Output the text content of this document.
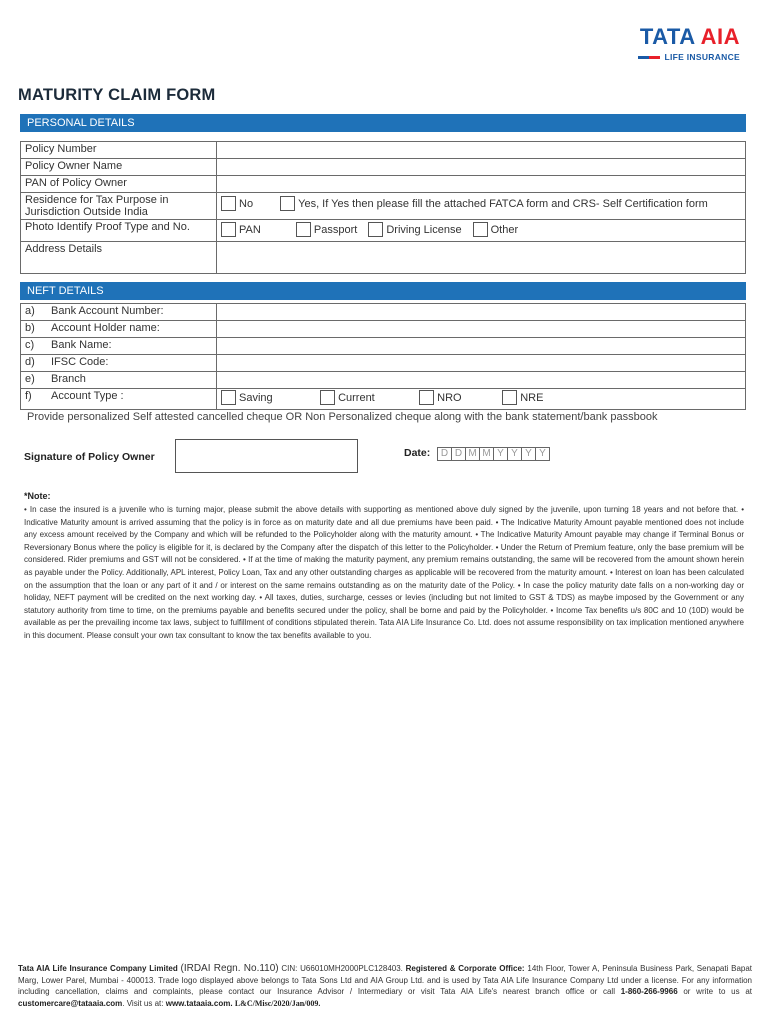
TATA AIA
LIFE INSURANCE
MATURITY CLAIM FORM
PERSONAL DETAILS
Policy Number	
Policy Owner Name	
PAN of Policy Owner	
Residence for Tax Purpose in Jurisdiction Outside India	No
Yes, If Yes then please fill the attached FATCA form and CRS- Self Certification form

Photo Identify Proof Type and No.	PAN
Passport
Driving License
Other

Address Details	
NEFT DETAILS
a) Bank Account Number:	
b) Account Holder name:	
c) Bank Name:	
d) IFSC Code:	
e) Branch	
f) Account Type :	Saving
Current
NRO
NRE
Provide personalized Self attested cancelled cheque OR Non Personalized cheque along with the bank statement/bank passbook
Signature of Policy Owner	Date:	D D M M Y Y Y Y
*Note:
• In case the insured is a juvenile who is turning major, please submit the above details with supporting as mentioned above duly signed by the juvenile, upon turning 18 years and not before that. • Indicative Maturity amount is arrived assuming that the policy is in force as on maturity date and all due premiums have been paid. • The Indicative Maturity Amount payable mentioned does not include any excess amount received by the Company and which will be refunded to the Policyholder along with the maturity amount. • The Indicative Maturity Amount payable may change if Terminal Bonus or Reversionary Bonus where the policy is eligible for it, is declared by the Company after the dispatch of this letter to the Policyholder. • Under the Return of Premium feature, only the base premium will be considered. Rider premiums and GST will not be considered. • If at the time of making the maturity payment, any premium remains outstanding, the same will be recovered from the amount shown herein as payable under the Policy. Additionally, APL interest, Policy Loan, Tax and any other outstanding charges as applicable will be recovered from the maturity amount. • Interest on loan has been calculated on the assumption that the loan or any part of it and / or interest on the same remains outstanding as on the maturity date of the Policy. • In case the policy maturity date falls on a non-working day or holiday, NEFT payment will be credited on the next working day. • All taxes, duties, surcharge, cesses or levies (including but not limited to GST & TDS) as maybe imposed by the Government or any statutory authority from time to time, on the premiums payable and benefits secured under the policy, shall be borne and paid by the Policyholder. • Income Tax benefits u/s 80C and 10 (10D) would be available as per the prevailing income tax laws, subject to fulfillment of conditions stipulated therein. Tata AIA Life Insurance Co. Ltd. does not assume responsibility on tax implication mentioned anywhere in this document. Please consult your own tax consultant to know the tax benefits available to you.
Tata AIA Life Insurance Company Limited (IRDAI Regn. No.110) CIN: U66010MH2000PLC128403. Registered & Corporate Office: 14th Floor, Tower A, Peninsula Business Park, Senapati Bapat Marg, Lower Parel, Mumbai - 400013. Trade logo displayed above belongs to Tata Sons Ltd and AIA Group Ltd. and is used by Tata AIA Life Insurance Company Ltd under a license. For any information including cancellation, claims and complaints, please contact our Insurance Advisor / Intermediary or visit Tata AIA Life's nearest branch office or call 1-860-266-9966 or write to us at customercare@tataaia.com. Visit us at: www.tataaia.com. L&C/Misc/2020/Jan/009.
